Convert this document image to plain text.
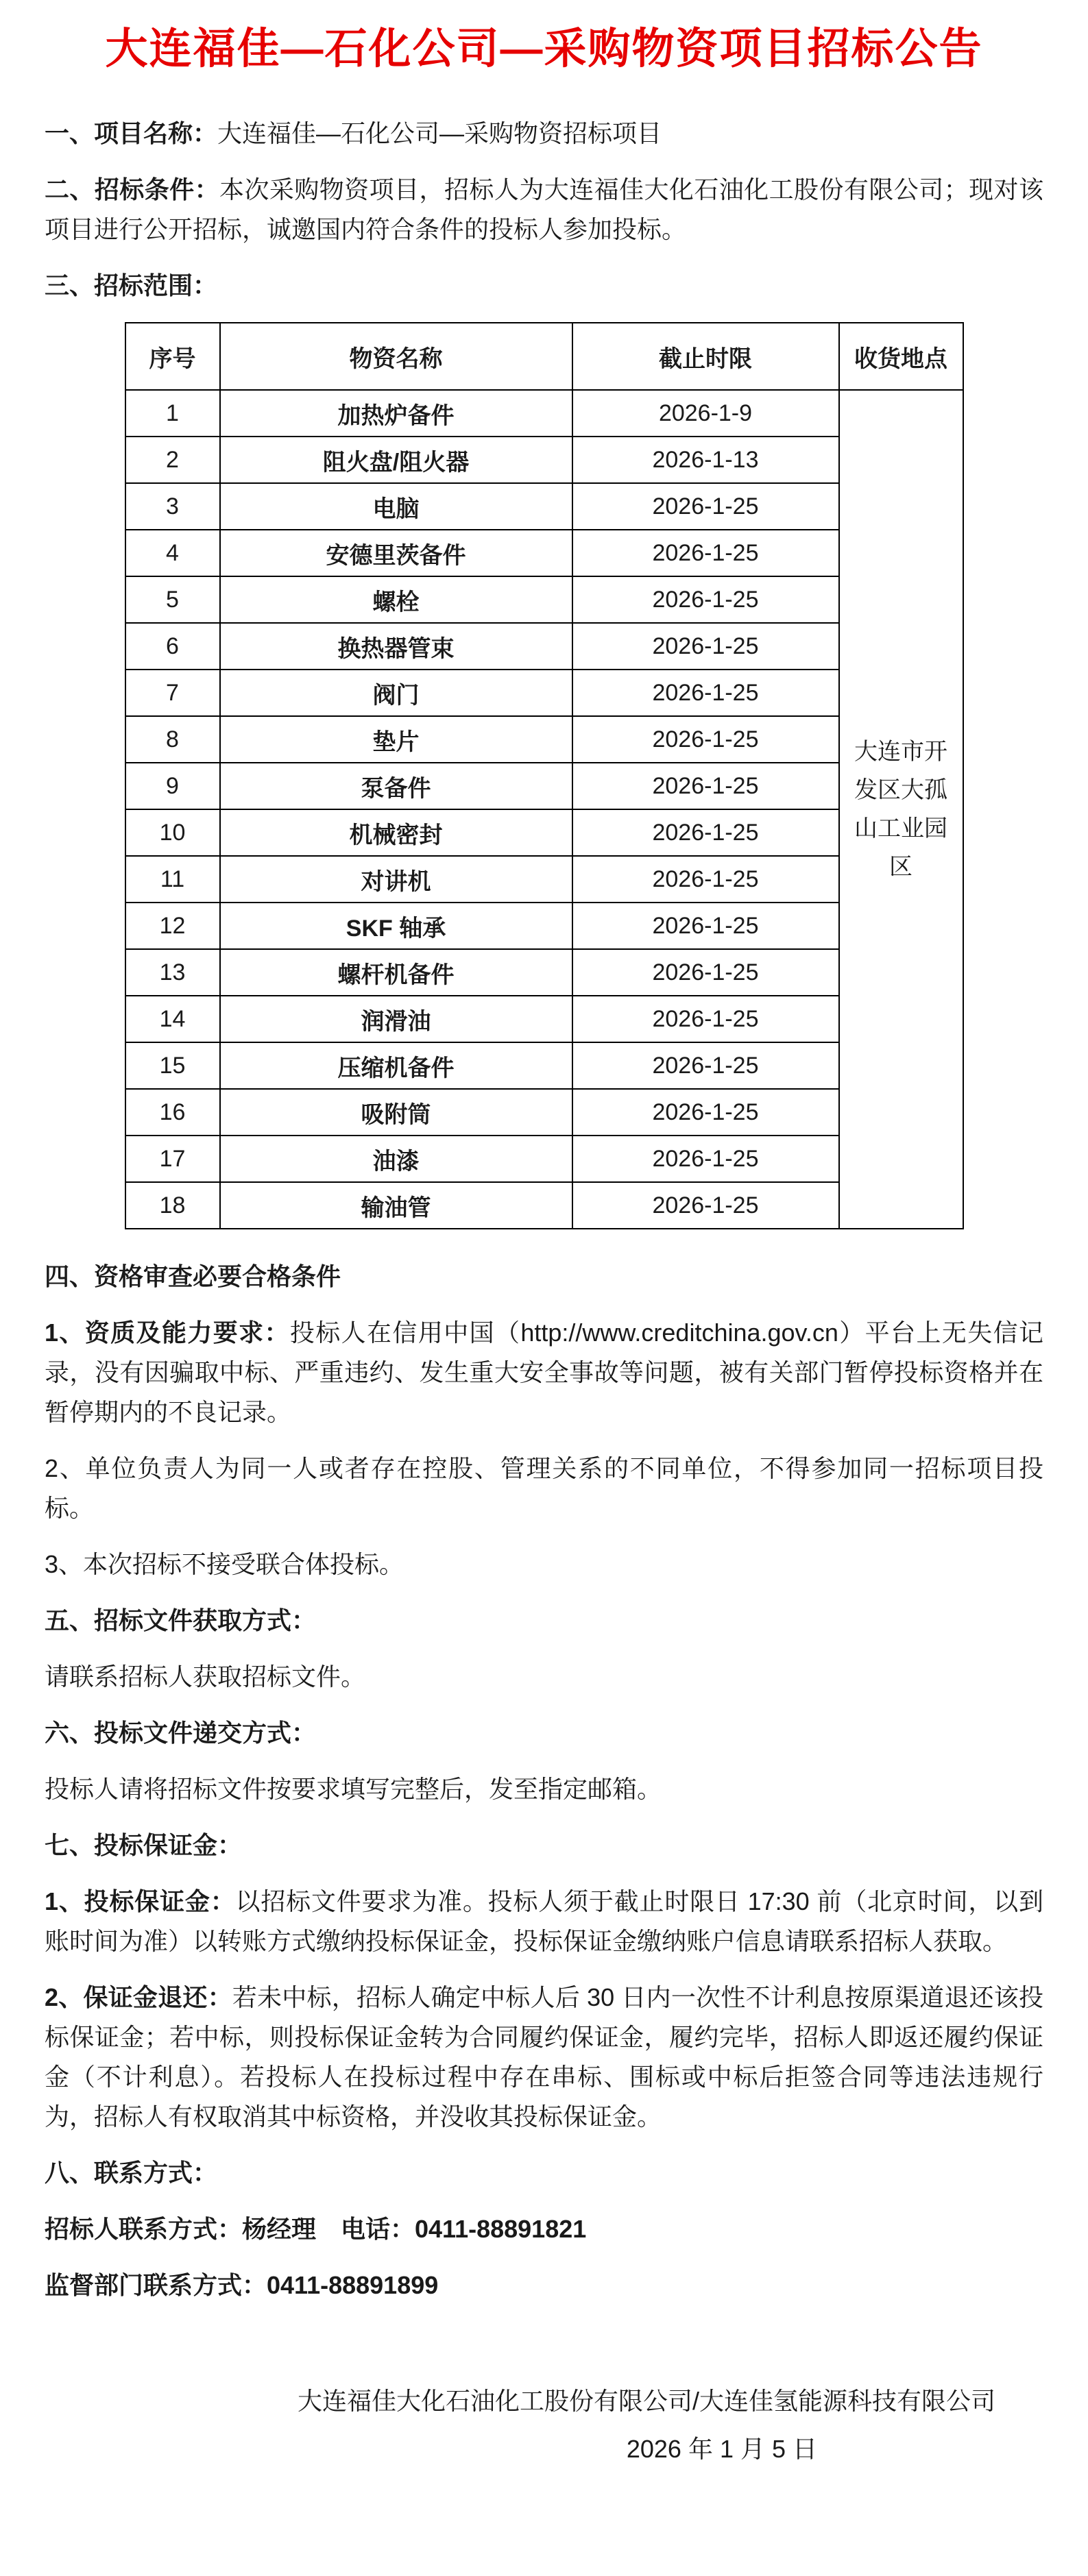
大连福佳—石化公司—采购物资项目招标公告

一、项目名称：大连福佳—石化公司—采购物资招标项目

二、招标条件：本次采购物资项目，招标人为大连福佳大化石油化工股份有限公司；现对该项目进行公开招标，诚邀国内符合条件的投标人参加投标。

三、招标范围：

序号	物资名称	截止时限	收货地点
1	加热炉备件	2026-1-9	大连市开发区大孤山工业园区
2	阻火盘/阻火器	2026-1-13	
3	电脑	2026-1-25	
4	安德里茨备件	2026-1-25	
5	螺栓	2026-1-25	
6	换热器管束	2026-1-25	
7	阀门	2026-1-25	
8	垫片	2026-1-25	
9	泵备件	2026-1-25	
10	机械密封	2026-1-25	
11	对讲机	2026-1-25	
12	SKF 轴承	2026-1-25	
13	螺杆机备件	2026-1-25	
14	润滑油	2026-1-25	
15	压缩机备件	2026-1-25	
16	吸附筒	2026-1-25	
17	油漆	2026-1-25	
18	输油管	2026-1-25	

四、资格审查必要合格条件

1、资质及能力要求：投标人在信用中国（http://www.creditchina.gov.cn）平台上无失信记录，没有因骗取中标、严重违约、发生重大安全事故等问题，被有关部门暂停投标资格并在暂停期内的不良记录。

2、单位负责人为同一人或者存在控股、管理关系的不同单位，不得参加同一招标项目投标。

3、本次招标不接受联合体投标。

五、招标文件获取方式：

请联系招标人获取招标文件。

六、投标文件递交方式：

投标人请将招标文件按要求填写完整后，发至指定邮箱。

七、投标保证金：

1、投标保证金：以招标文件要求为准。投标人须于截止时限日 17:30 前（北京时间，以到账时间为准）以转账方式缴纳投标保证金，投标保证金缴纳账户信息请联系招标人获取。

2、保证金退还：若未中标，招标人确定中标人后 30 日内一次性不计利息按原渠道退还该投标保证金；若中标，则投标保证金转为合同履约保证金，履约完毕，招标人即返还履约保证金（不计利息）。若投标人在投标过程中存在串标、围标或中标后拒签合同等违法违规行为，招标人有权取消其中标资格，并没收其投标保证金。

八、联系方式：

招标人联系方式：杨经理　电话：0411-88891821

监督部门联系方式：0411-88891899

大连福佳大化石油化工股份有限公司/大连佳氢能源科技有限公司
2026 年 1 月 5 日
